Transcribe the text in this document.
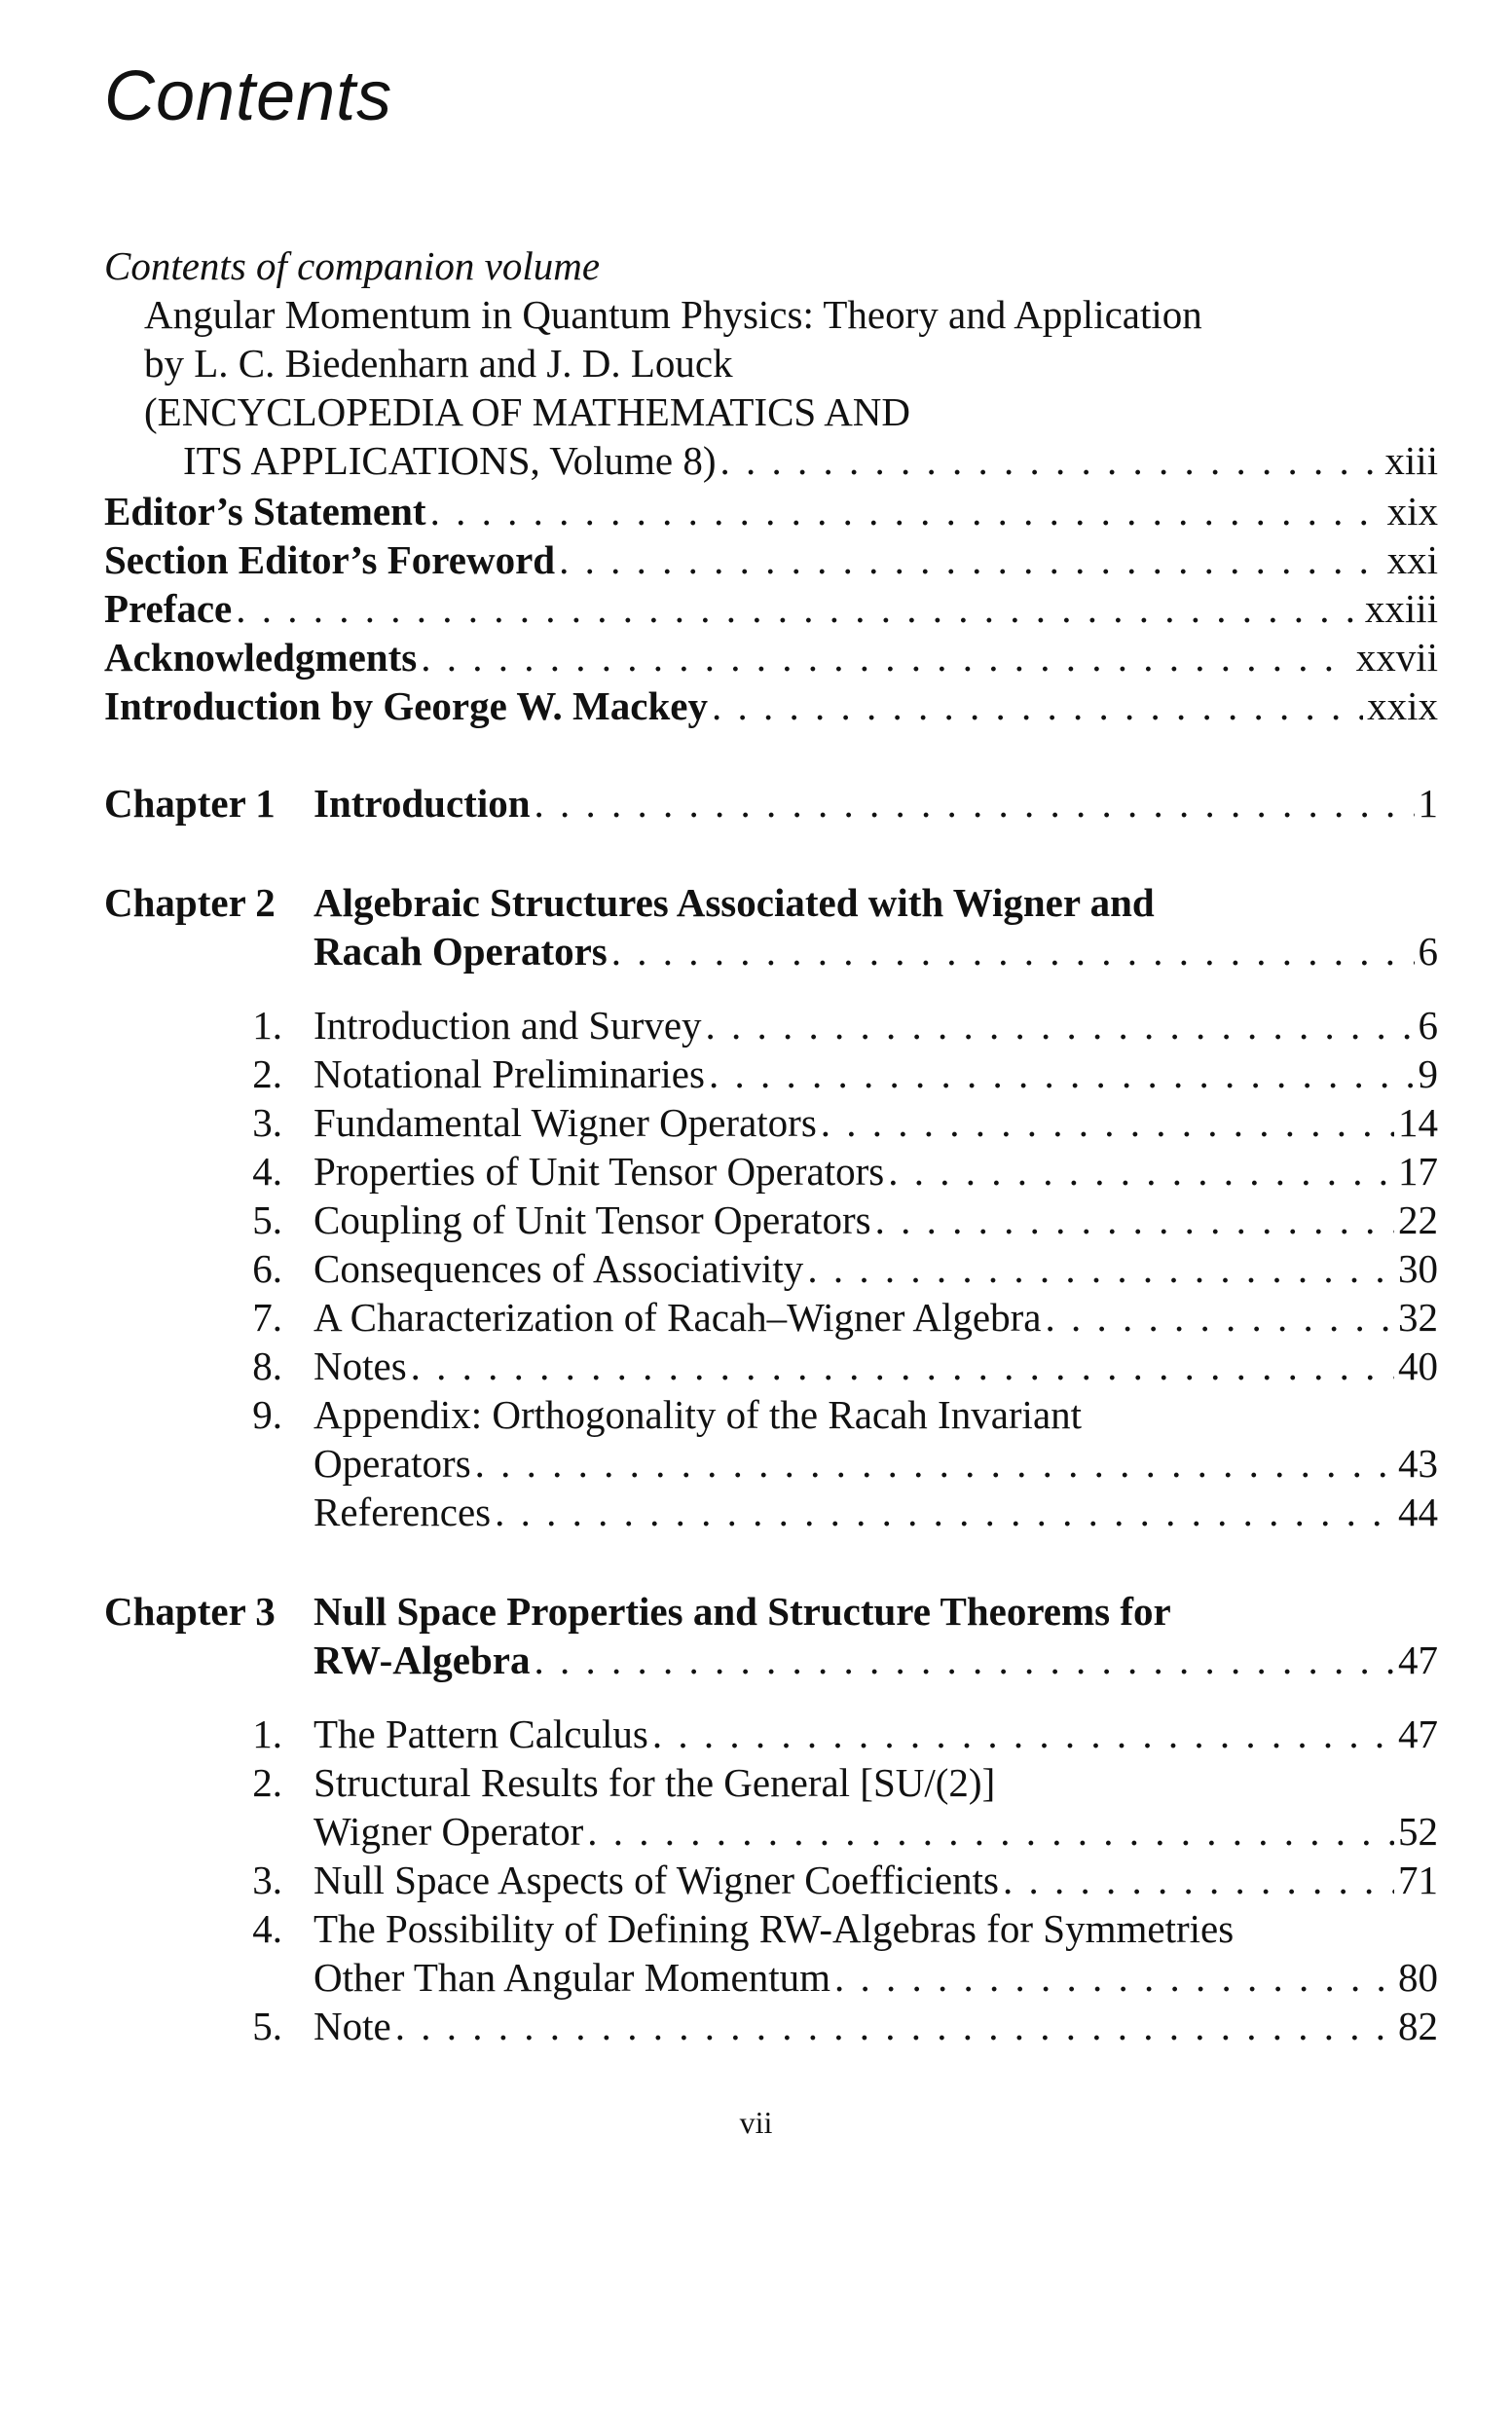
Contents
Contents of companion volume
Angular Momentum in Quantum Physics: Theory and Application
by L. C. Biedenharn and J. D. Louck
(ENCYCLOPEDIA OF MATHEMATICS AND
ITS APPLICATIONS, Volume 8) . . .	xiii
Editor’s Statement . . .	xix
Section Editor’s Foreword . . .	xxi
Preface . . .	xxiii
Acknowledgments . . .	xxvii
Introduction by George W. Mackey . . .	xxix
Chapter 1 Introduction . . .	1
Chapter 2 Algebraic Structures Associated with Wigner and
Racah Operators . . .	6
1. Introduction and Survey . . .	6
2. Notational Preliminaries . . .	9
3. Fundamental Wigner Operators . . .	14
4. Properties of Unit Tensor Operators . . .	17
5. Coupling of Unit Tensor Operators . . .	22
6. Consequences of Associativity . . .	30
7. A Characterization of Racah–Wigner Algebra . . .	32
8. Notes . . .	40
9. Appendix: Orthogonality of the Racah Invariant
Operators . . .	43
References . . .	44
Chapter 3 Null Space Properties and Structure Theorems for
RW-Algebra . . .	47
1. The Pattern Calculus . . .	47
2. Structural Results for the General [SU/(2)]
Wigner Operator . . .	52
3. Null Space Aspects of Wigner Coefficients . . .	71
4. The Possibility of Defining RW-Algebras for Symmetries
Other Than Angular Momentum . . .	80
5. Note . . .	82
vii
